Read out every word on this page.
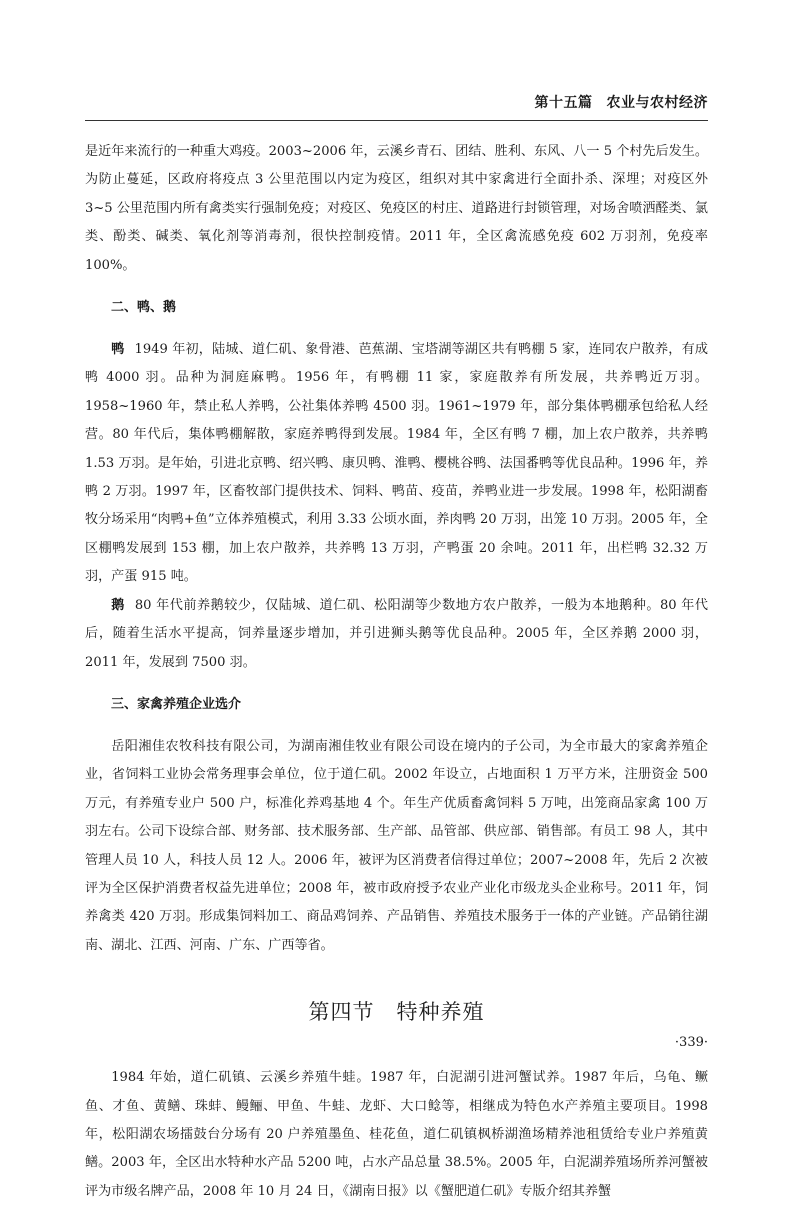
第十五篇 农业与农村经济

是近年来流行的一种重大鸡疫。2003~2006 年，云溪乡青石、团结、胜利、东风、八一 5 个村先后发生。为防止蔓延，区政府将疫点 3 公里范围以内定为疫区，组织对其中家禽进行全面扑杀、深埋；对疫区外 3~5 公里范围内所有禽类实行强制免疫；对疫区、免疫区的村庄、道路进行封锁管理，对场舍喷洒醛类、氯类、酚类、碱类、氧化剂等消毒剂，很快控制疫情。2011 年，全区禽流感免疫 602 万羽剂，免疫率 100%。

二、鸭、鹅

鸭 1949 年初，陆城、道仁矶、象骨港、芭蕉湖、宝塔湖等湖区共有鸭棚 5 家，连同农户散养，有成鸭 4000 羽。品种为洞庭麻鸭。1956 年，有鸭棚 11 家，家庭散养有所发展，共养鸭近万羽。1958~1960 年，禁止私人养鸭，公社集体养鸭 4500 羽。1961~1979 年，部分集体鸭棚承包给私人经营。80 年代后，集体鸭棚解散，家庭养鸭得到发展。1984 年，全区有鸭 7 棚，加上农户散养，共养鸭 1.53 万羽。是年始，引进北京鸭、绍兴鸭、康贝鸭、淮鸭、樱桃谷鸭、法国番鸭等优良品种。1996 年，养鸭 2 万羽。1997 年，区畜牧部门提供技术、饲料、鸭苗、疫苗，养鸭业进一步发展。1998 年，松阳湖畜牧分场采用“肉鸭+鱼”立体养殖模式，利用 3.33 公顷水面，养肉鸭 20 万羽，出笼 10 万羽。2005 年，全区棚鸭发展到 153 棚，加上农户散养，共养鸭 13 万羽，产鸭蛋 20 余吨。2011 年，出栏鸭 32.32 万羽，产蛋 915 吨。

鹅 80 年代前养鹅较少，仅陆城、道仁矶、松阳湖等少数地方农户散养，一般为本地鹅种。80 年代后，随着生活水平提高，饲养量逐步增加，并引进狮头鹅等优良品种。2005 年，全区养鹅 2000 羽，2011 年，发展到 7500 羽。

三、家禽养殖企业选介

岳阳湘佳农牧科技有限公司，为湖南湘佳牧业有限公司设在境内的子公司，为全市最大的家禽养殖企业，省饲料工业协会常务理事会单位，位于道仁矶。2002 年设立，占地面积 1 万平方米，注册资金 500 万元，有养殖专业户 500 户，标准化养鸡基地 4 个。年生产优质畜禽饲料 5 万吨，出笼商品家禽 100 万羽左右。公司下设综合部、财务部、技术服务部、生产部、品管部、供应部、销售部。有员工 98 人，其中管理人员 10 人，科技人员 12 人。2006 年，被评为区消费者信得过单位；2007~2008 年，先后 2 次被评为全区保护消费者权益先进单位；2008 年，被市政府授予农业产业化市级龙头企业称号。2011 年，饲养禽类 420 万羽。形成集饲料加工、商品鸡饲养、产品销售、养殖技术服务于一体的产业链。产品销往湖南、湖北、江西、河南、广东、广西等省。

第四节 特种养殖

1984 年始，道仁矶镇、云溪乡养殖牛蛙。1987 年，白泥湖引进河蟹试养。1987 年后，乌龟、鳜鱼、才鱼、黄鳝、珠蚌、鳗鲡、甲鱼、牛蛙、龙虾、大口鲶等，相继成为特色水产养殖主要项目。1998 年，松阳湖农场擂鼓台分场有 20 户养殖墨鱼、桂花鱼，道仁矶镇枫桥湖渔场精养池租赁给专业户养殖黄鳝。2003 年，全区出水特种水产品 5200 吨，占水产品总量 38.5%。2005 年，白泥湖养殖场所养河蟹被评为市级名牌产品，2008 年 10 月 24 日，《湖南日报》以《蟹肥道仁矶》专版介绍其养蟹

·339·
